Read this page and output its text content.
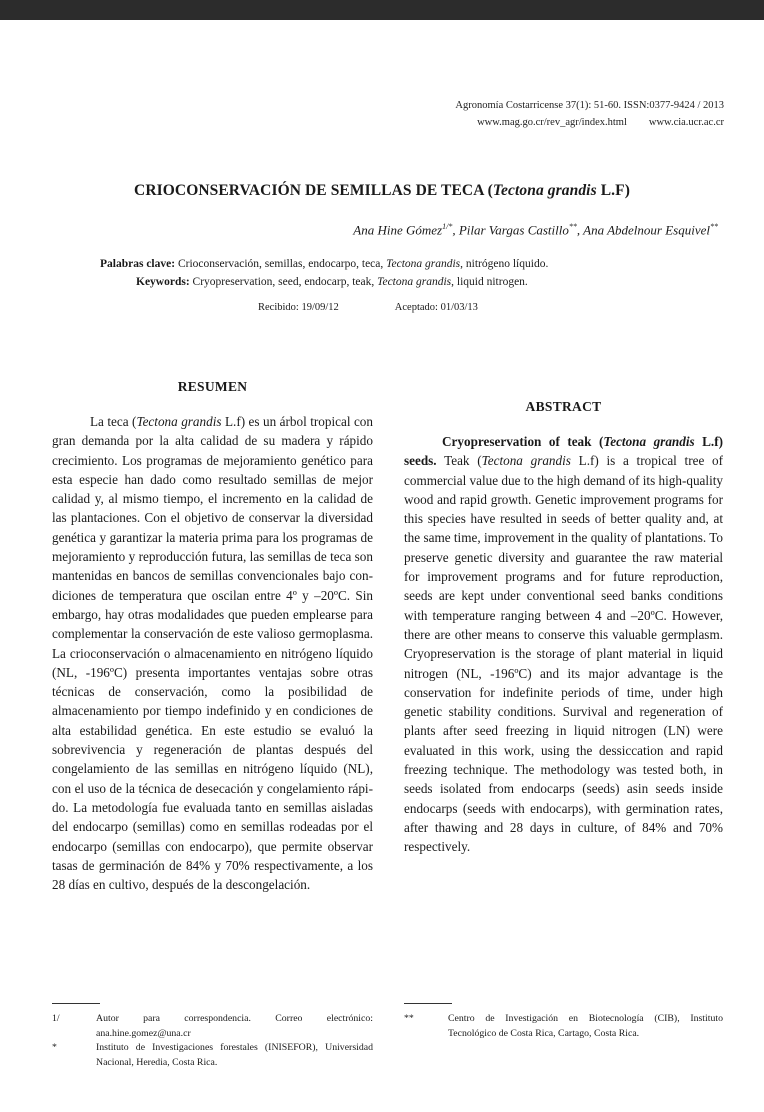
Agronomía Costarricense 37(1): 51-60. ISSN:0377-9424 / 2013
www.mag.go.cr/rev_agr/index.html www.cia.ucr.ac.cr
CRIOCONSERVACIÓN DE SEMILLAS DE TECA (Tectona grandis L.F)
Ana Hine Gómez$^{1/*}$, Pilar Vargas Castillo**, Ana Abdelnour Esquivel**
Palabras clave: Crioconservación, semillas, endocarpo, teca, Tectona grandis, nitrógeno líquido.
Keywords: Cryopreservation, seed, endocarp, teak, Tectona grandis, liquid nitrogen.
Recibido: 19/09/12	Aceptado: 01/03/13
RESUMEN
La teca (Tectona grandis L.f) es un árbol tropical con gran demanda por la alta calidad de su madera y rápido crecimiento. Los programas de mejoramiento genético para esta especie han dado como resultado semillas de mejor calidad y, al mismo tiempo, el incremento en la calidad de las plantaciones. Con el objetivo de conservar la diversidad genética y garantizar la materia prima para los programas de mejoramiento y reproducción futura, las semillas de teca son mantenidas en bancos de semillas convencionales bajo condiciones de temperatura que oscilan entre 4º y –20ºC. Sin embargo, hay otras modalidades que pueden emplearse para complementar la conservación de este valioso germoplasma. La crioconservación o almacenamiento en nitrógeno líquido (NL, -196ºC) presenta importantes ventajas sobre otras técnicas de conservación, como la posibilidad de almacenamiento por tiempo indefinido y en condiciones de alta estabilidad genética. En este estudio se evaluó la sobrevivencia y regeneración de plantas después del congelamiento de las semillas en nitrógeno líquido (NL), con el uso de la técnica de desecación y congelamiento rápido. La metodología fue evaluada tanto en semillas aisladas del endocarpo (semillas) como en semillas rodeadas por el endocarpo (semillas con endocarpo), que permite observar tasas de germinación de 84% y 70% respectivamente, a los 28 días en cultivo, después de la descongelación.
ABSTRACT
Cryopreservation of teak (Tectona grandis L.f) seeds. Teak (Tectona grandis L.f) is a tropical tree of commercial value due to the high demand of its high-quality wood and rapid growth. Genetic improvement programs for this species have resulted in seeds of better quality and, at the same time, improvement in the quality of plantations. To preserve genetic diversity and guarantee the raw material for improvement programs and for future reproduction, seeds are kept under conventional seed banks conditions with temperature ranging between 4 and –20ºC. However, there are other means to conserve this valuable germplasm. Cryopreservation is the storage of plant material in liquid nitrogen (NL, -196ºC) and its major advantage is the conservation for indefinite periods of time, under high genetic stability conditions. Survival and regeneration of plants after seed freezing in liquid nitrogen (LN) were evaluated in this work, using the dessiccation and rapid freezing technique. The methodology was tested both, in seeds isolated from endocarps (seeds) asin seeds inside endocarps (seeds with endocarps), with germination rates, after thawing and 28 days in culture, of 84% and 70% respectively.
1/	Autor para correspondencia. Correo electrónico: ana.hine.gomez@una.cr
*	Instituto de Investigaciones forestales (INISEFOR), Universidad Nacional, Heredia, Costa Rica.
**	Centro de Investigación en Biotecnología (CIB), Instituto Tecnológico de Costa Rica, Cartago, Costa Rica.
